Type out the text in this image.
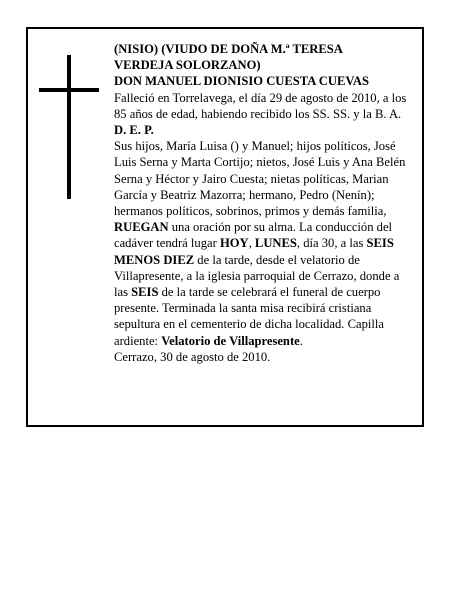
(NISIO) (VIUDO DE DOÑA M.ª TERESA

VERDEJA SOLORZANO)

DON MANUEL DIONISIO CUESTA CUEVAS

Falleció en Torrelavega, el día 29 de agosto de 2010, a los 85 años de edad, habiendo recibido los SS. SS. y la B. A.

D. E. P.

Sus hijos, María Luisa () y Manuel; hijos políticos, José Luis Serna y Marta Cortijo; nietos, José Luis y Ana Belén Serna y Héctor y Jairo Cuesta; nietas políticas, Marian García y Beatriz Mazorra; hermano, Pedro (Nenín); hermanos políticos, sobrinos, primos y demás familia,

RUEGAN una oración por su alma. La conducción del cadáver tendrá lugar HOY, LUNES, día 30, a las SEIS MENOS DIEZ de la tarde, desde el velatorio de Villapresente, a la iglesia parroquial de Cerrazo, donde a las SEIS de la tarde se celebrará el funeral de cuerpo presente. Terminada la santa misa recibirá cristiana sepultura en el cementerio de dicha localidad. Capilla ardiente: Velatorio de Villapresente.

Cerrazo, 30 de agosto de 2010.
